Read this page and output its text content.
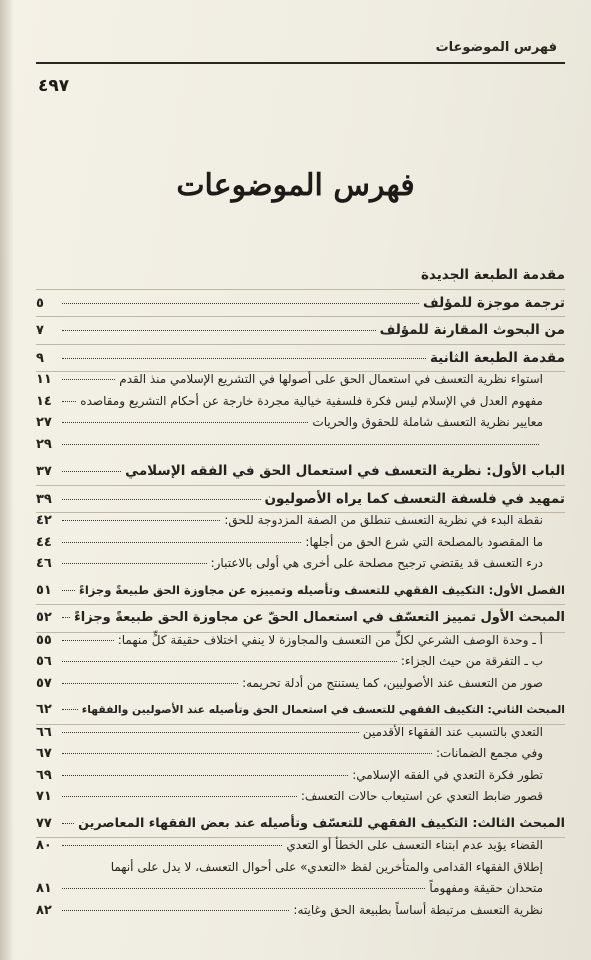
فهرس الموضوعات
٤٩٧
فهرس الموضوعات
مقدمة الطبعة الجديدة
ترجمة موجزة للمؤلف
٥
من البحوث المقارنة للمؤلف
٧
مقدمة الطبعة الثانية
٩
استواء نظرية التعسف في استعمال الحق على أصولها في التشريع الإسلامي منذ القدم
١١
مفهوم العدل في الإسلام ليس فكرة فلسفية خيالية مجردة خارجة عن أحكام التشريع ومقاصده
١٤
معايير نظرية التعسف شاملة للحقوق والحريات
٢٧
٢٩
الباب الأول: نظرية التعسف في استعمال الحق في الفقه الإسلامي
٣٧
تمهيد في فلسفة التعسف كما يراه الأصوليون
٣٩
نقطة البدء في نظرية التعسف تنطلق من الصفة المزدوجة للحق:
٤٢
ما المقصود بالمصلحة التي شرع الحق من أجلها:
٤٤
درء التعسف قد يقتضي ترجيح مصلحة على أخرى هي أولى بالاعتبار:
٤٦
الفصل الأول: التكييف الفقهي للتعسف وتأصيله وتمييزه عن مجاوزة الحق طبيعةً وجزاءً
٥١
المبحث الأول تمييز التعسّف في استعمال الحقّ عن مجاوزة الحق طبيعةً وجزاءً
٥٢
أ ـ وحدة الوصف الشرعي لكلٍّ من التعسف والمجاوزة لا ينفي اختلاف حقيقة كلٍّ منهما:
٥٥
ب ـ التفرقة من حيث الجزاء:
٥٦
صور من التعسف عند الأصوليين، كما يستنتج من أدلة تحريمه:
٥٧
المبحث الثاني: التكييف الفقهي للتعسف في استعمال الحق وتأصيله عند الأصوليين والفقهاء
٦٢
التعدي بالتسبب عند الفقهاء الأقدمين
٦٦
وفي مجمع الضمانات:
٦٧
تطور فكرة التعدي في الفقه الإسلامي:
٦٩
قصور ضابط التعدي عن استيعاب حالات التعسف:
٧١
المبحث الثالث: التكييف الفقهي للتعسّف وتأصيله عند بعض الفقهاء المعاصرين
٧٧
القضاء يؤيد عدم ابتناء التعسف على الخطأ أو التعدي
٨٠
إطلاق الفقهاء القدامى والمتأخرين لفظ «التعدي» على أحوال التعسف، لا يدل على أنهما
متحدان حقيقة ومفهوماً
٨١
نظرية التعسف مرتبطة أساساً بطبيعة الحق وغايته:
٨٢
